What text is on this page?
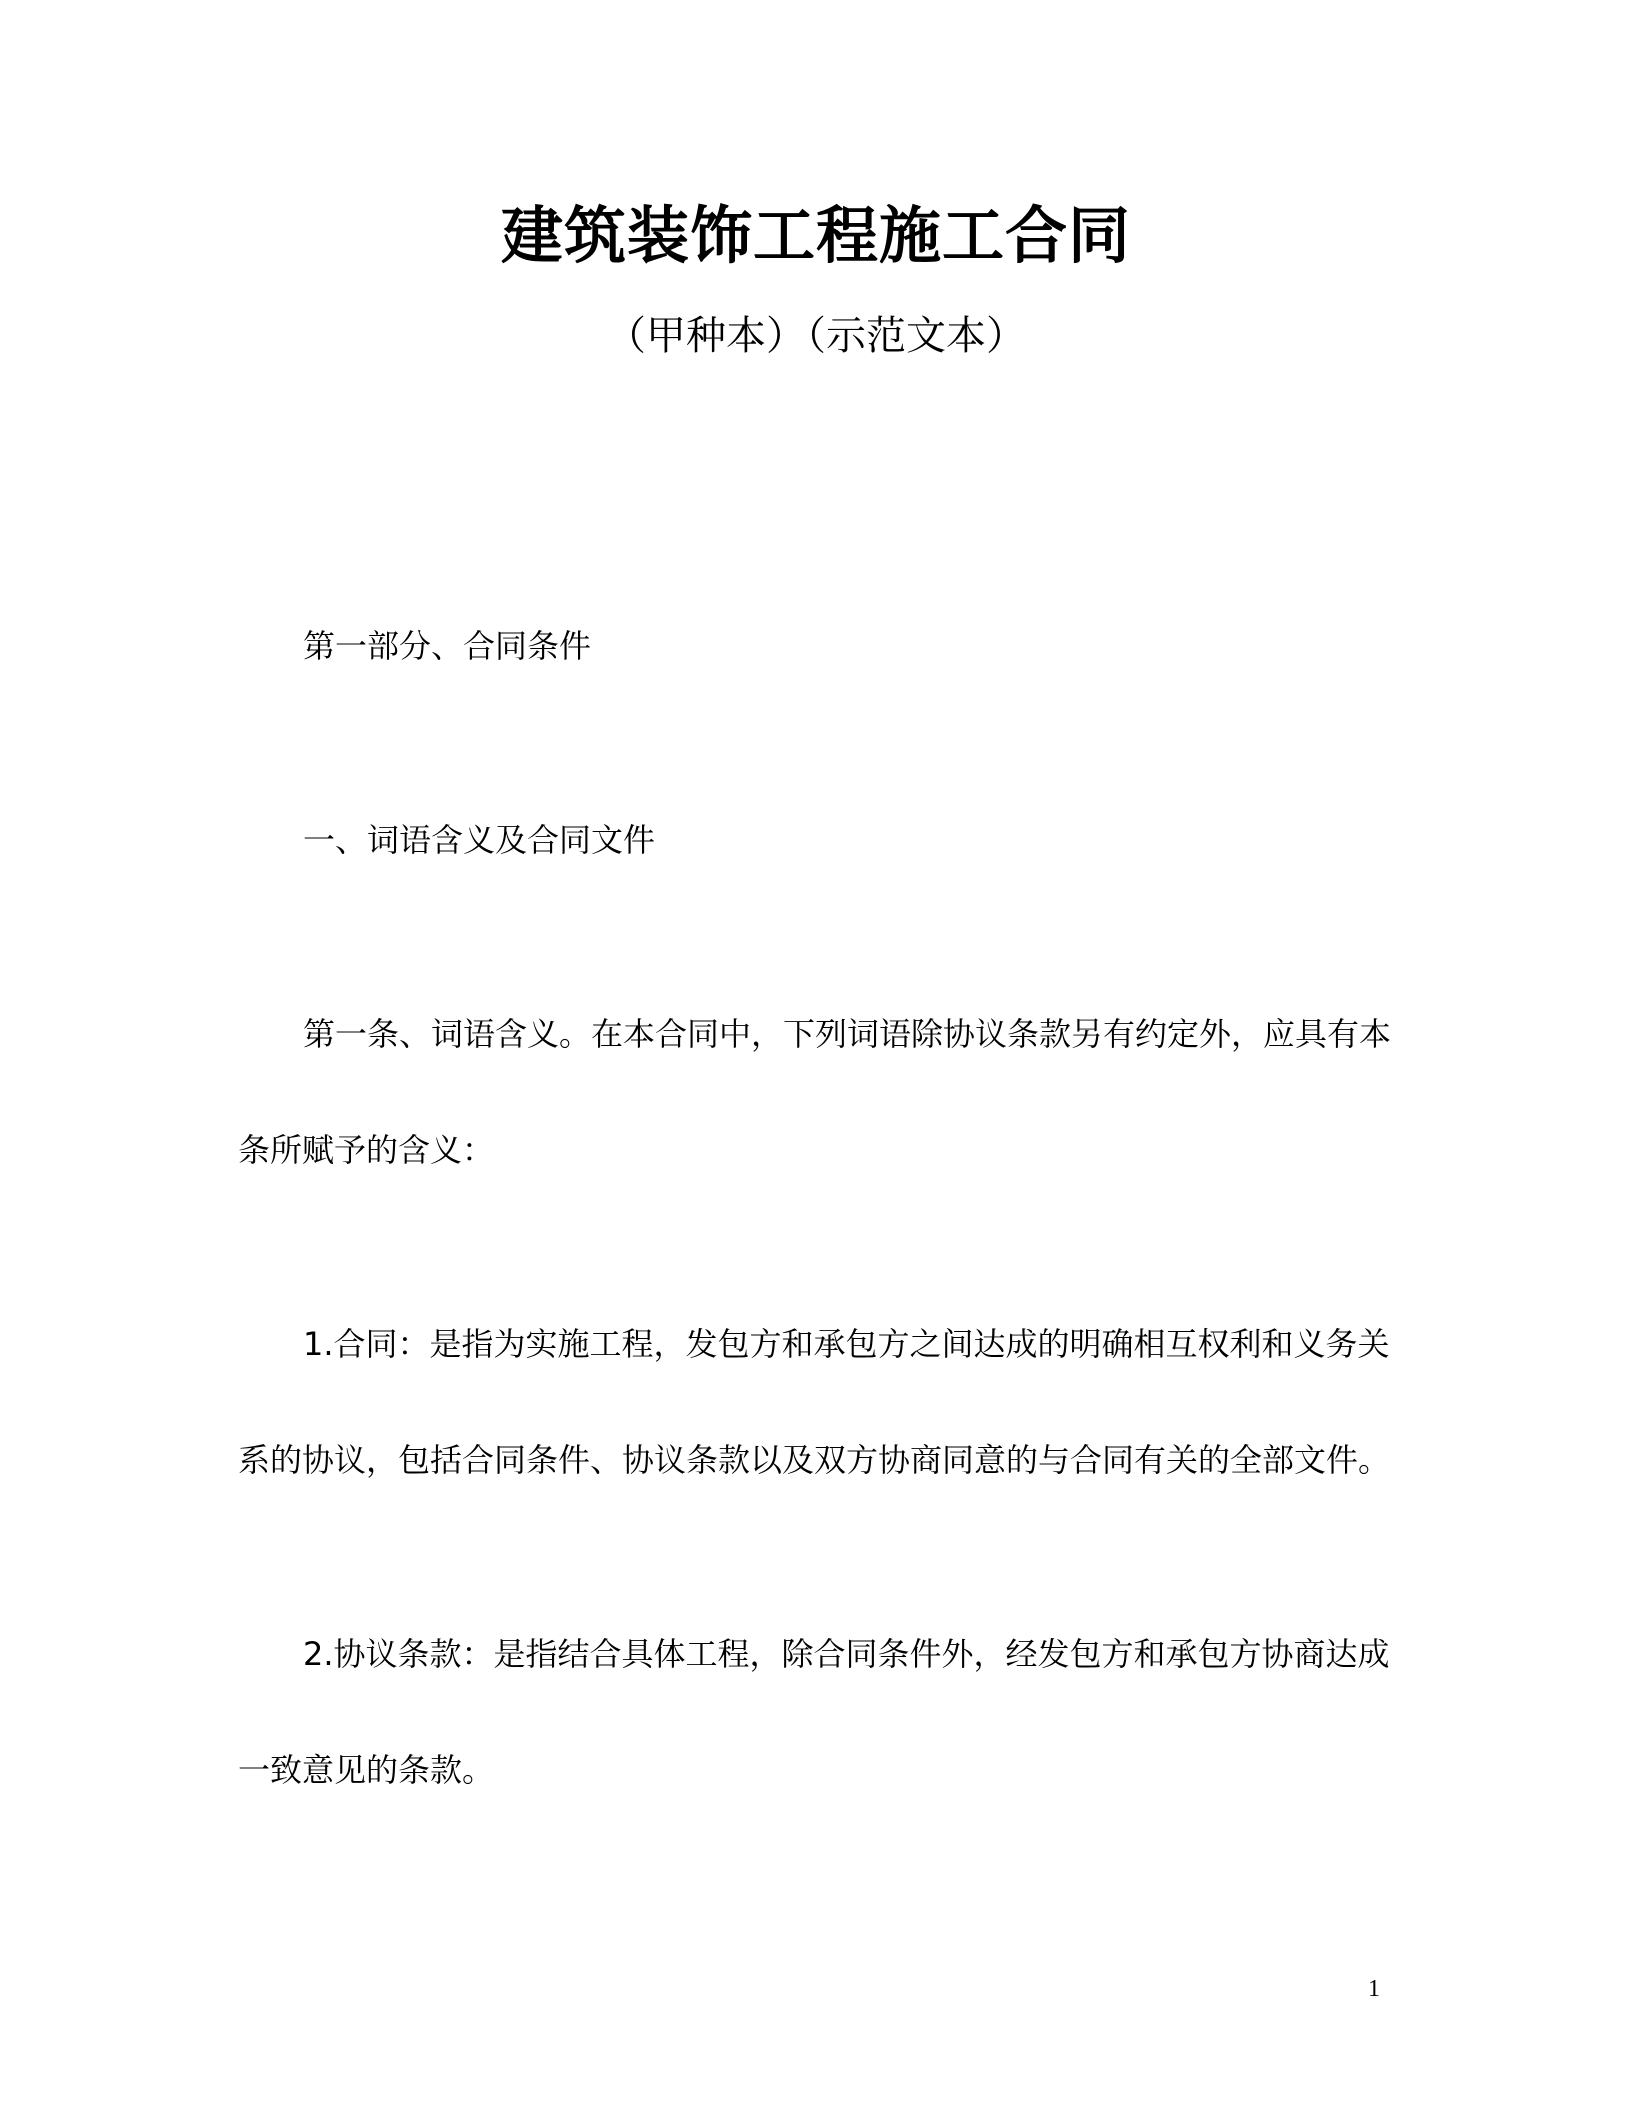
建筑装饰工程施工合同
（甲种本）（示范文本）
第一部分、合同条件
一、词语含义及合同文件
第一条、词语含义。在本合同中，下列词语除协议条款另有约定外，应具有本
条所赋予的含义：
1.合同：是指为实施工程，发包方和承包方之间达成的明确相互权利和义务关
系的协议，包括合同条件、协议条款以及双方协商同意的与合同有关的全部文件。
2.协议条款：是指结合具体工程，除合同条件外，经发包方和承包方协商达成
一致意见的条款。
1
